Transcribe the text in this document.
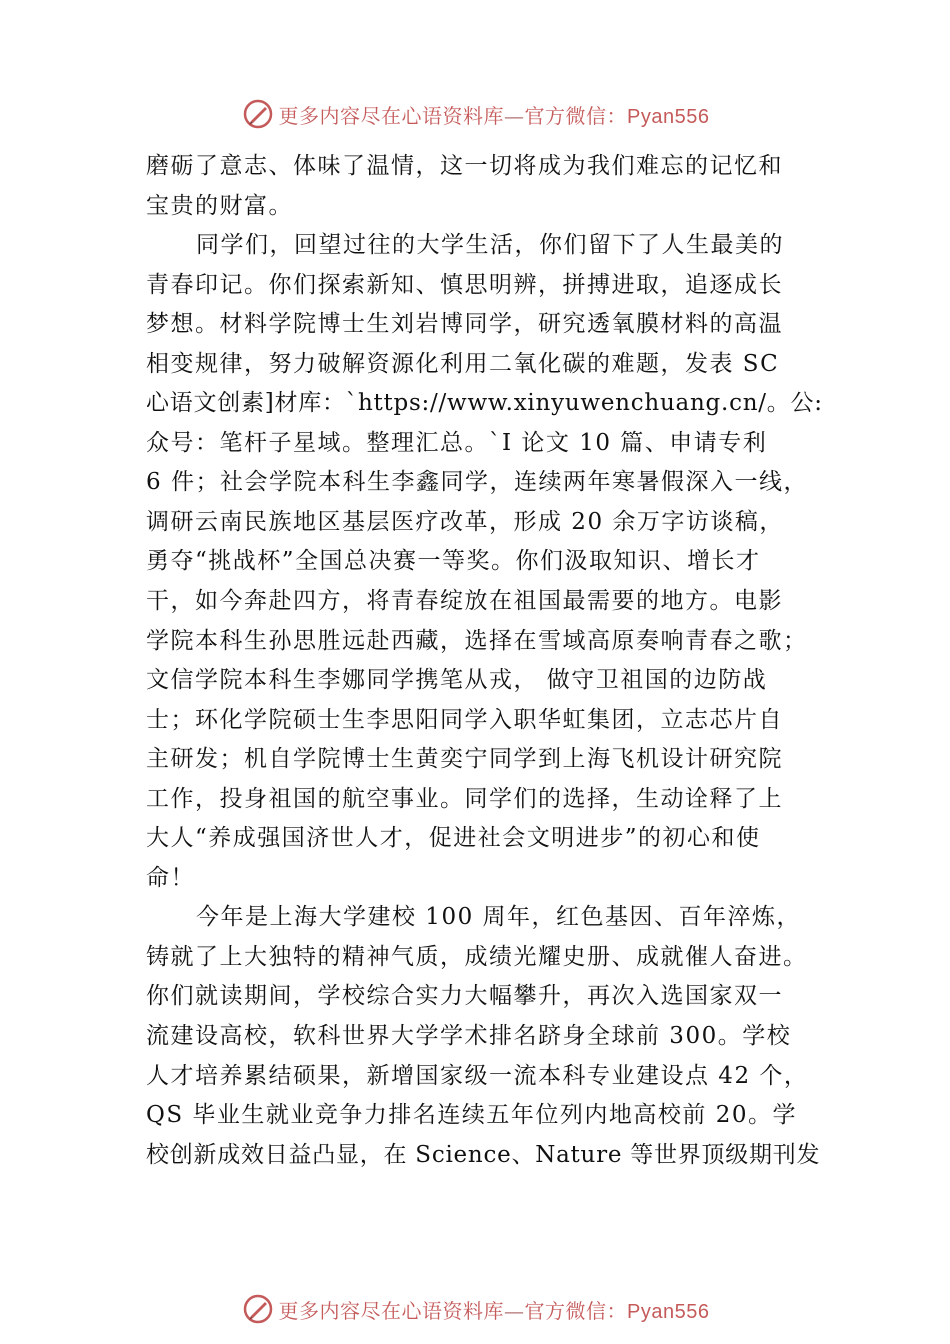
更多内容尽在心语资料库—官方微信：Pyan556
磨砺了意志、体味了温情，这一切将成为我们难忘的记忆和
宝贵的财富。
同学们，回望过往的大学生活，你们留下了人生最美的
青春印记。你们探索新知、慎思明辨，拼搏进取，追逐成长
梦想。材料学院博士生刘岩博同学，研究透氧膜材料的高温
相变规律，努力破解资源化利用二氧化碳的难题，发表 SC
心语文创素]材库：`https://www.xinyuwenchuang.cn/。公:
众号：笔杆子星域。整理汇总。`I 论文 10 篇、申请专利
6 件；社会学院本科生李鑫同学，连续两年寒暑假深入一线，
调研云南民族地区基层医疗改革，形成 20 余万字访谈稿，
勇夺“挑战杯”全国总决赛一等奖。你们汲取知识、增长才
干，如今奔赴四方，将青春绽放在祖国最需要的地方。电影
学院本科生孙思胜远赴西藏，选择在雪域高原奏响青春之歌；
文信学院本科生李娜同学携笔从戎， 做守卫祖国的边防战
士；环化学院硕士生李思阳同学入职华虹集团，立志芯片自
主研发；机自学院博士生黄奕宁同学到上海飞机设计研究院
工作，投身祖国的航空事业。同学们的选择，生动诠释了上
大人“养成强国济世人才，促进社会文明进步”的初心和使
命！
今年是上海大学建校 100 周年，红色基因、百年淬炼，
铸就了上大独特的精神气质，成绩光耀史册、成就催人奋进。
你们就读期间，学校综合实力大幅攀升，再次入选国家双一
流建设高校，软科世界大学学术排名跻身全球前 300。学校
人才培养累结硕果，新增国家级一流本科专业建设点 42 个，
QS 毕业生就业竞争力排名连续五年位列内地高校前 20。学
校创新成效日益凸显，在 Science、Nature 等世界顶级期刊发
更多内容尽在心语资料库—官方微信：Pyan556
